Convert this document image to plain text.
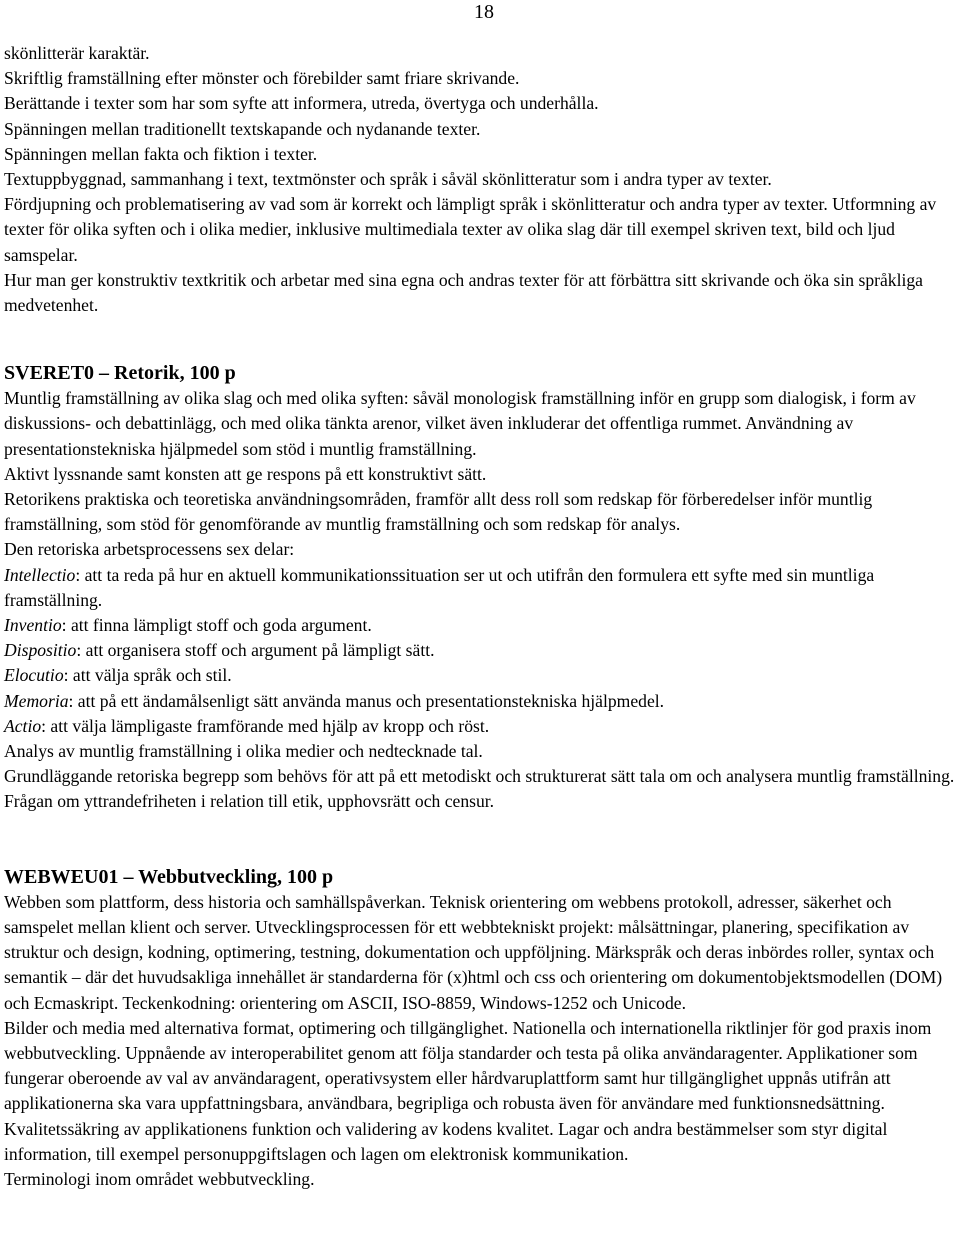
18

skönlitterär karaktär.

Skriftlig framställning efter mönster och förebilder samt friare skrivande.

Berättande i texter som har som syfte att informera, utreda, övertyga och underhålla.

Spänningen mellan traditionellt textskapande och nydanande texter.

Spänningen mellan fakta och fiktion i texter.

Textuppbyggnad, sammanhang i text, textmönster och språk i såväl skönlitteratur som i andra typer av texter.

Fördjupning och problematisering av vad som är korrekt och lämpligt språk i skönlitteratur och andra typer av texter. Utformning av texter för olika syften och i olika medier, inklusive multimediala texter av olika slag där till exempel skriven text, bild och ljud samspelar.

Hur man ger konstruktiv textkritik och arbetar med sina egna och andras texter för att förbättra sitt skrivande och öka sin språkliga medvetenhet.

SVERET0 – Retorik, 100 p

Muntlig framställning av olika slag och med olika syften: såväl monologisk framställning inför en grupp som dialogisk, i form av diskussions- och debattinlägg, och med olika tänkta arenor, vilket även inkluderar det offentliga rummet. Användning av presentationstekniska hjälpmedel som stöd i muntlig framställning.

Aktivt lyssnande samt konsten att ge respons på ett konstruktivt sätt.

Retorikens praktiska och teoretiska användningsområden, framför allt dess roll som redskap för förberedelser inför muntlig framställning, som stöd för genomförande av muntlig framställning och som redskap för analys.

Den retoriska arbetsprocessens sex delar:

Intellectio: att ta reda på hur en aktuell kommunikationssituation ser ut och utifrån den formulera ett syfte med sin muntliga framställning.

Inventio: att finna lämpligt stoff och goda argument.

Dispositio: att organisera stoff och argument på lämpligt sätt.

Elocutio: att välja språk och stil.

Memoria: att på ett ändamålsenligt sätt använda manus och presentationstekniska hjälpmedel.

Actio: att välja lämpligaste framförande med hjälp av kropp och röst.

Analys av muntlig framställning i olika medier och nedtecknade tal.

Grundläggande retoriska begrepp som behövs för att på ett metodiskt och strukturerat sätt tala om och analysera muntlig framställning. Frågan om yttrandefriheten i relation till etik, upphovsrätt och censur.

WEBWEU01 – Webbutveckling, 100 p

Webben som plattform, dess historia och samhällspåverkan. Teknisk orientering om webbens protokoll, adresser, säkerhet och samspelet mellan klient och server. Utvecklingsprocessen för ett webbtekniskt projekt: målsättningar, planering, specifikation av struktur och design, kodning, optimering, testning, dokumentation och uppföljning. Märkspråk och deras inbördes roller, syntax och semantik – där det huvudsakliga innehållet är standarderna för (x)html och css och orientering om dokumentobjektsmodellen (DOM) och Ecmaskript. Teckenkodning: orientering om ASCII, ISO-8859, Windows-1252 och Unicode.

Bilder och media med alternativa format, optimering och tillgänglighet. Nationella och internationella riktlinjer för god praxis inom webbutveckling. Uppnående av interoperabilitet genom att följa standarder och testa på olika användaragenter. Applikationer som fungerar oberoende av val av användaragent, operativsystem eller hårdvaruplattform samt hur tillgänglighet uppnås utifrån att applikationerna ska vara uppfattningsbara, användbara, begripliga och robusta även för användare med funktionsnedsättning.

Kvalitetssäkring av applikationens funktion och validering av kodens kvalitet. Lagar och andra bestämmelser som styr digital information, till exempel personuppgiftslagen och lagen om elektronisk kommunikation.

Terminologi inom området webbutveckling.
